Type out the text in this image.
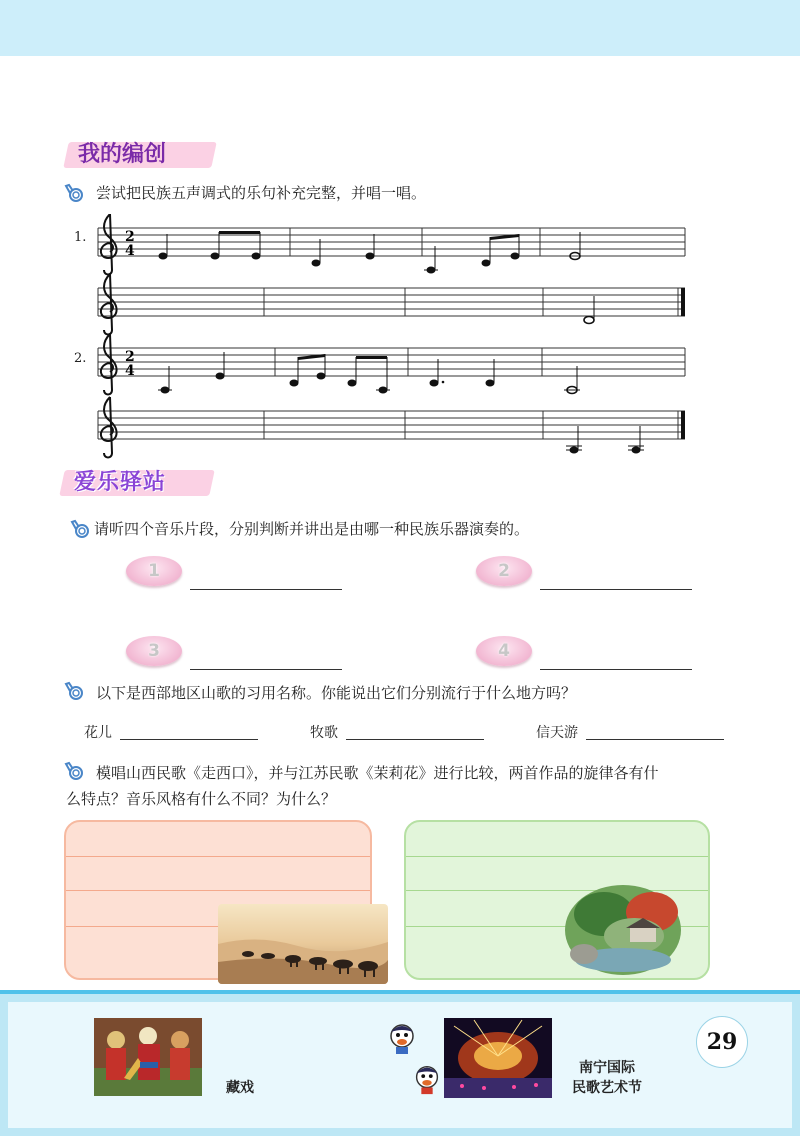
我的编创
尝试把民族五声调式的乐句补充完整，并唱一唱。
2
4
2
4
1.
2.
爱乐驿站
请听四个音乐片段，分别判断并讲出是由哪一种民族乐器演奏的。
1	2
3	4
以下是西部地区山歌的习用名称。你能说出它们分别流行于什么地方吗？
花儿	牧歌	信天游
模唱山西民歌《走西口》，并与江苏民歌《茉莉花》进行比较，两首作品的旋律各有什
么特点？音乐风格有什么不同？为什么？
藏戏
南宁国际
民歌艺术节
29
